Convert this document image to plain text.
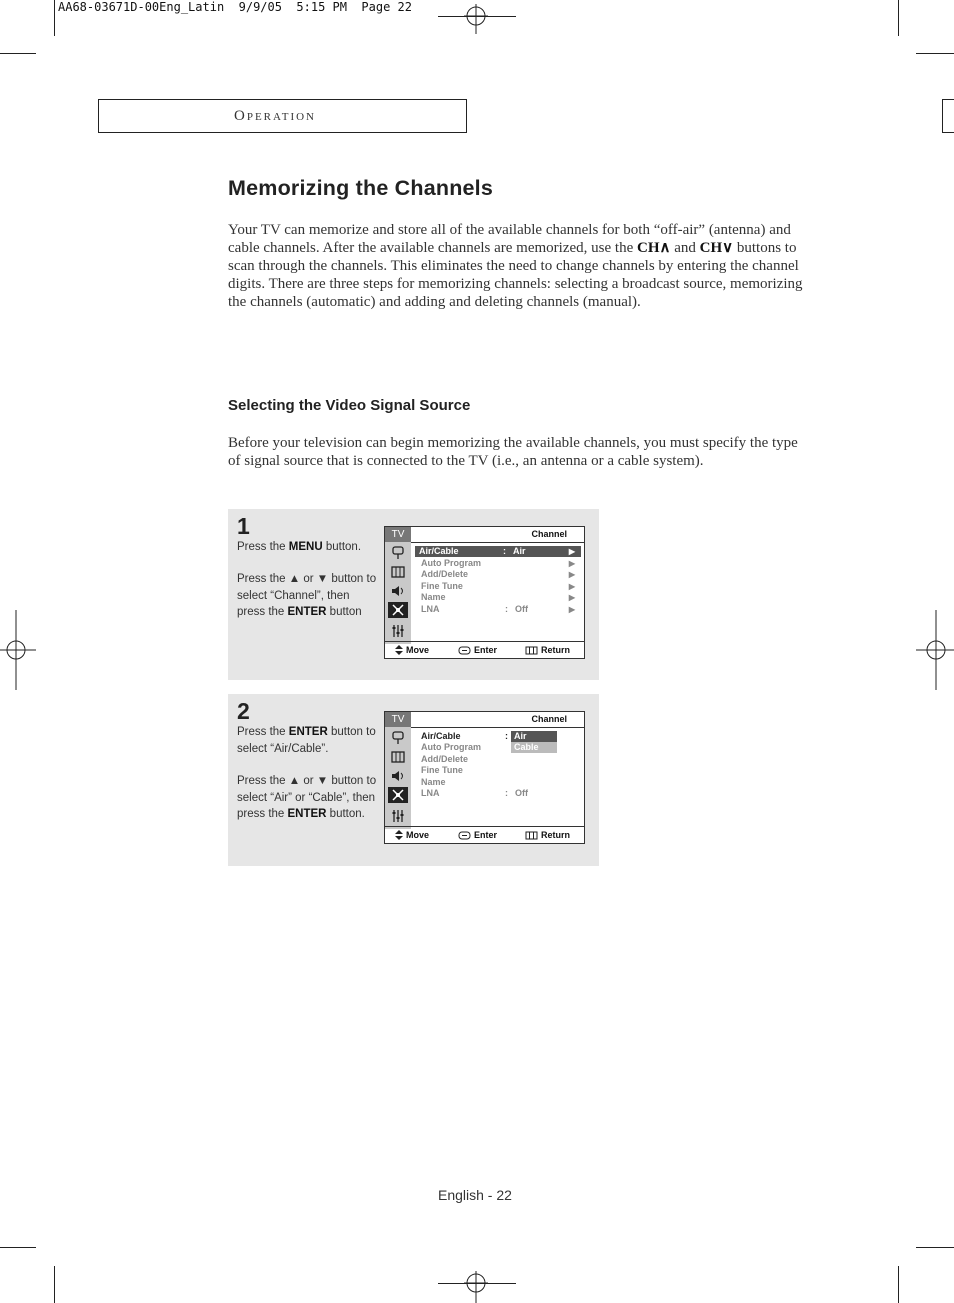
AA68-03671D-00Eng_Latin  9/9/05  5:15 PM  Page 22
Operation
Memorizing the Channels
Your TV can memorize and store all of the available channels for both “off-air” (antenna) and cable channels. After the available channels are memorized, use the CH∧ and CH∨ buttons to scan through the channels. This eliminates the need to change channels by entering the channel digits. There are three steps for memorizing channels: selecting a broadcast source, memorizing the channels (automatic) and adding and deleting channels (manual).
Selecting the Video Signal Source
Before your television can begin memorizing the available channels, you must specify the type of signal source that is connected to the TV (i.e., an antenna or a cable system).
1
Press the MENU button.
Press the ▲ or ▼ button to select “Channel”, then press the ENTER button
TV	Channel
Air/Cable	: Air	▶
Auto Program	▶
Add/Delete	▶
Fine Tune	▶
Name	▶
LNA	: Off	▶
Move	Enter	Return
2
Press the ENTER button to select “Air/Cable”.
Press the ▲ or ▼ button to select “Air” or “Cable”, then press the ENTER button.
TV	Channel
Air/Cable	: Air
Cable
Auto Program
Add/Delete
Fine Tune
Name
LNA	: Off
Move	Enter	Return
English - 22
